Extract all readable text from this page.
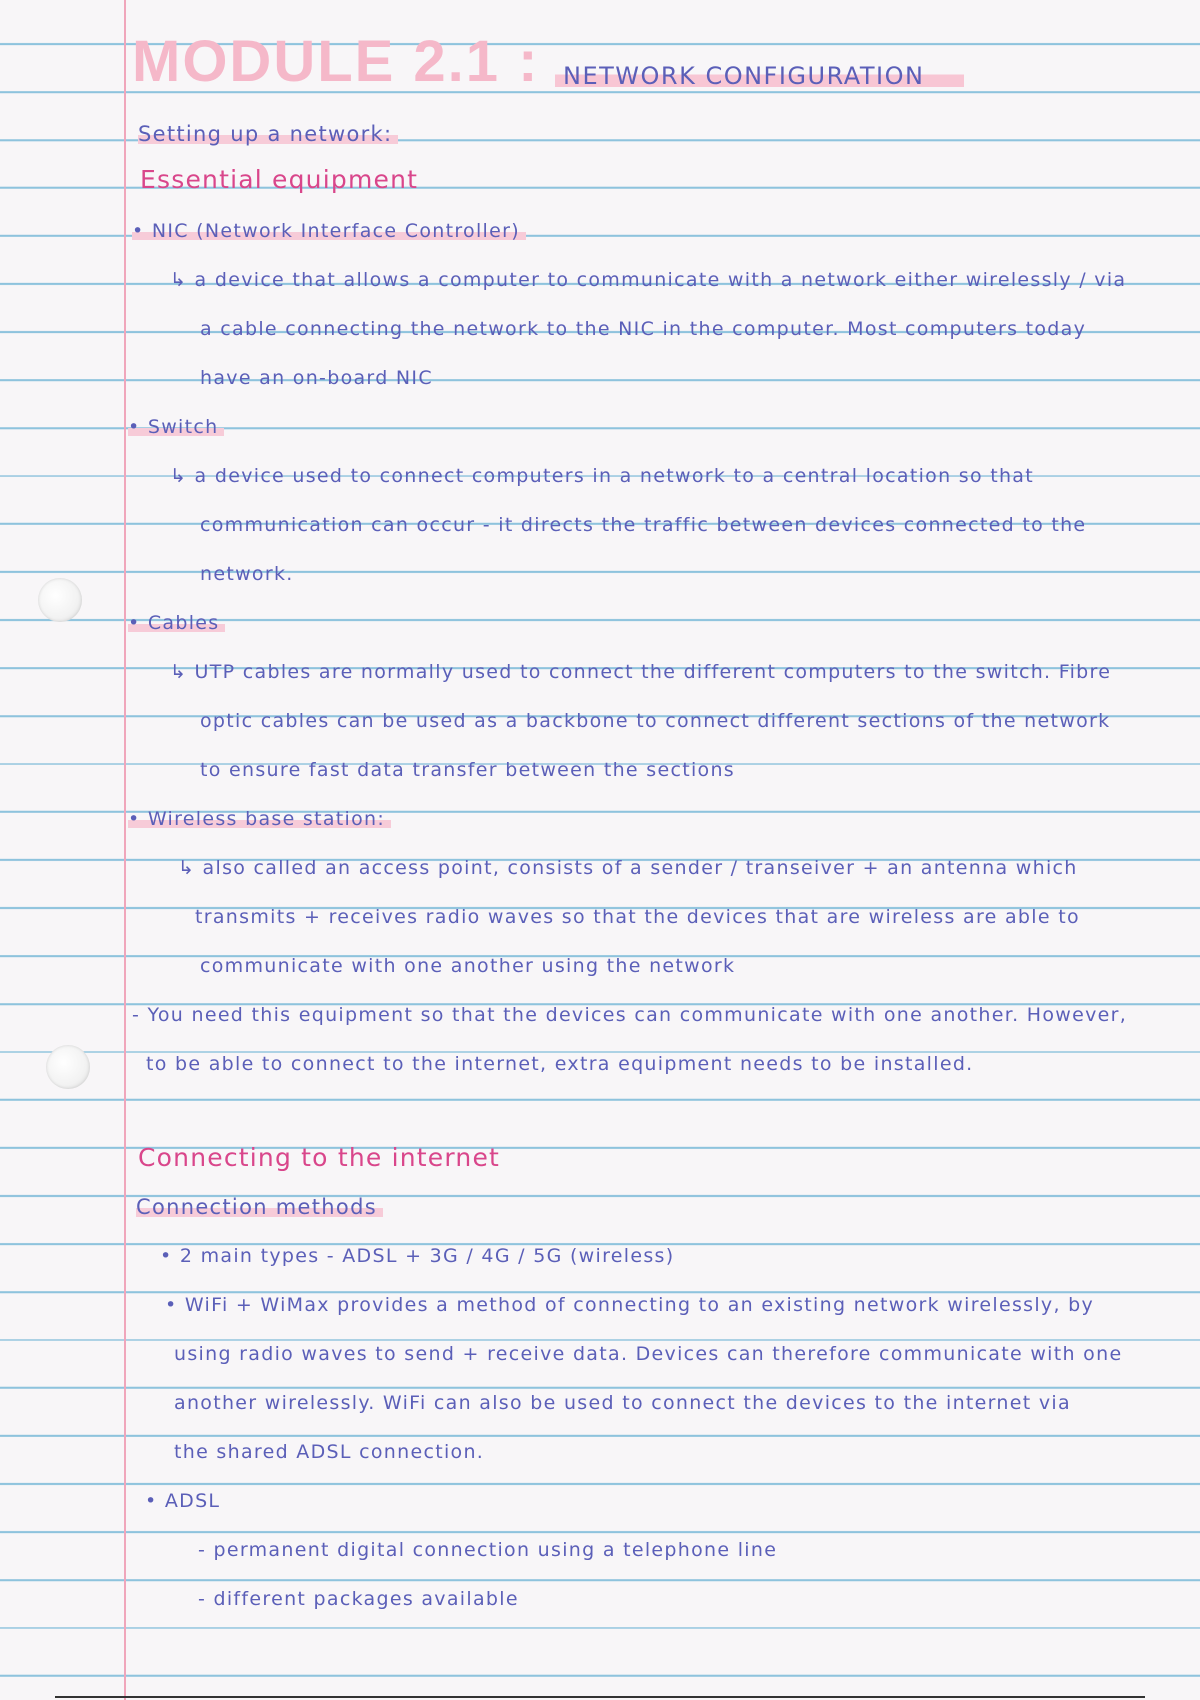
MODULE 2.1 : NETWORK CONFIGURATION
Setting up a network:
Essential equipment
• NIC (Network Interface Controller)
↳ a device that allows a computer to communicate with a network either wirelessly / via
a cable connecting the network to the NIC in the computer. Most computers today
have an on-board NIC
• Switch
↳ a device used to connect computers in a network to a central location so that
communication can occur - it directs the traffic between devices connected to the
network.
• Cables
↳ UTP cables are normally used to connect the different computers to the switch. Fibre
optic cables can be used as a backbone to connect different sections of the network
to ensure fast data transfer between the sections
• Wireless base station:
↳ also called an access point, consists of a sender / transeiver + an antenna which
transmits + receives radio waves so that the devices that are wireless are able to
communicate with one another using the network
- You need this equipment so that the devices can communicate with one another. However,
to be able to connect to the internet, extra equipment needs to be installed.
Connecting to the internet
Connection methods
• 2 main types - ADSL + 3G / 4G / 5G (wireless)
• WiFi + WiMax provides a method of connecting to an existing network wirelessly, by
using radio waves to send + receive data. Devices can therefore communicate with one
another wirelessly. WiFi can also be used to connect the devices to the internet via
the shared ADSL connection.
• ADSL
- permanent digital connection using a telephone line
- different packages available
